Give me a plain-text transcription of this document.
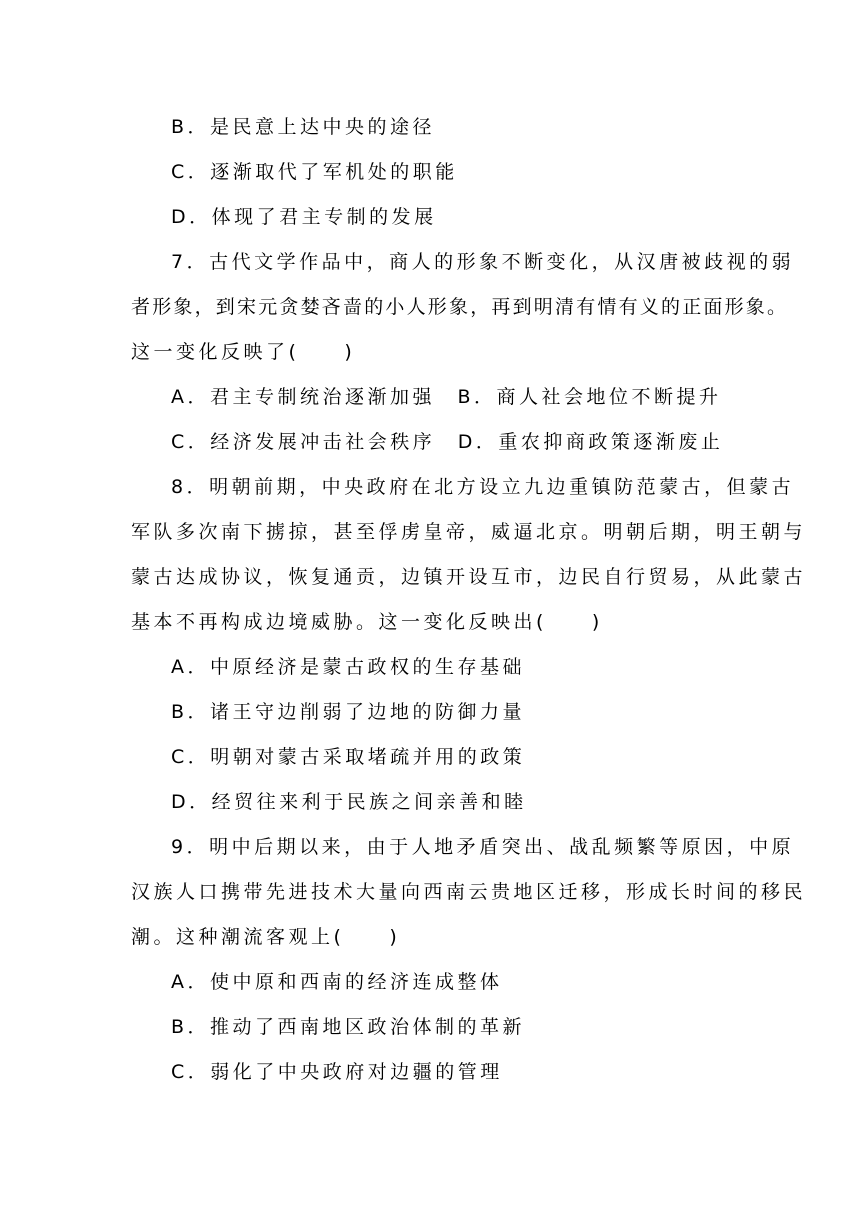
B．是民意上达中央的途径
C．逐渐取代了军机处的职能
D．体现了君主专制的发展
7．古代文学作品中，商人的形象不断变化，从汉唐被歧视的弱
者形象，到宋元贪婪吝啬的小人形象，再到明清有情有义的正面形象。
这一变化反映了(　　)
A．君主专制统治逐渐加强　B．商人社会地位不断提升
C．经济发展冲击社会秩序　D．重农抑商政策逐渐废止
8．明朝前期，中央政府在北方设立九边重镇防范蒙古，但蒙古
军队多次南下掳掠，甚至俘虏皇帝，威逼北京。明朝后期，明王朝与
蒙古达成协议，恢复通贡，边镇开设互市，边民自行贸易，从此蒙古
基本不再构成边境威胁。这一变化反映出(　　)
A．中原经济是蒙古政权的生存基础
B．诸王守边削弱了边地的防御力量
C．明朝对蒙古采取堵疏并用的政策
D．经贸往来利于民族之间亲善和睦
9．明中后期以来，由于人地矛盾突出、战乱频繁等原因，中原
汉族人口携带先进技术大量向西南云贵地区迁移，形成长时间的移民
潮。这种潮流客观上(　　)
A．使中原和西南的经济连成整体
B．推动了西南地区政治体制的革新
C．弱化了中央政府对边疆的管理
